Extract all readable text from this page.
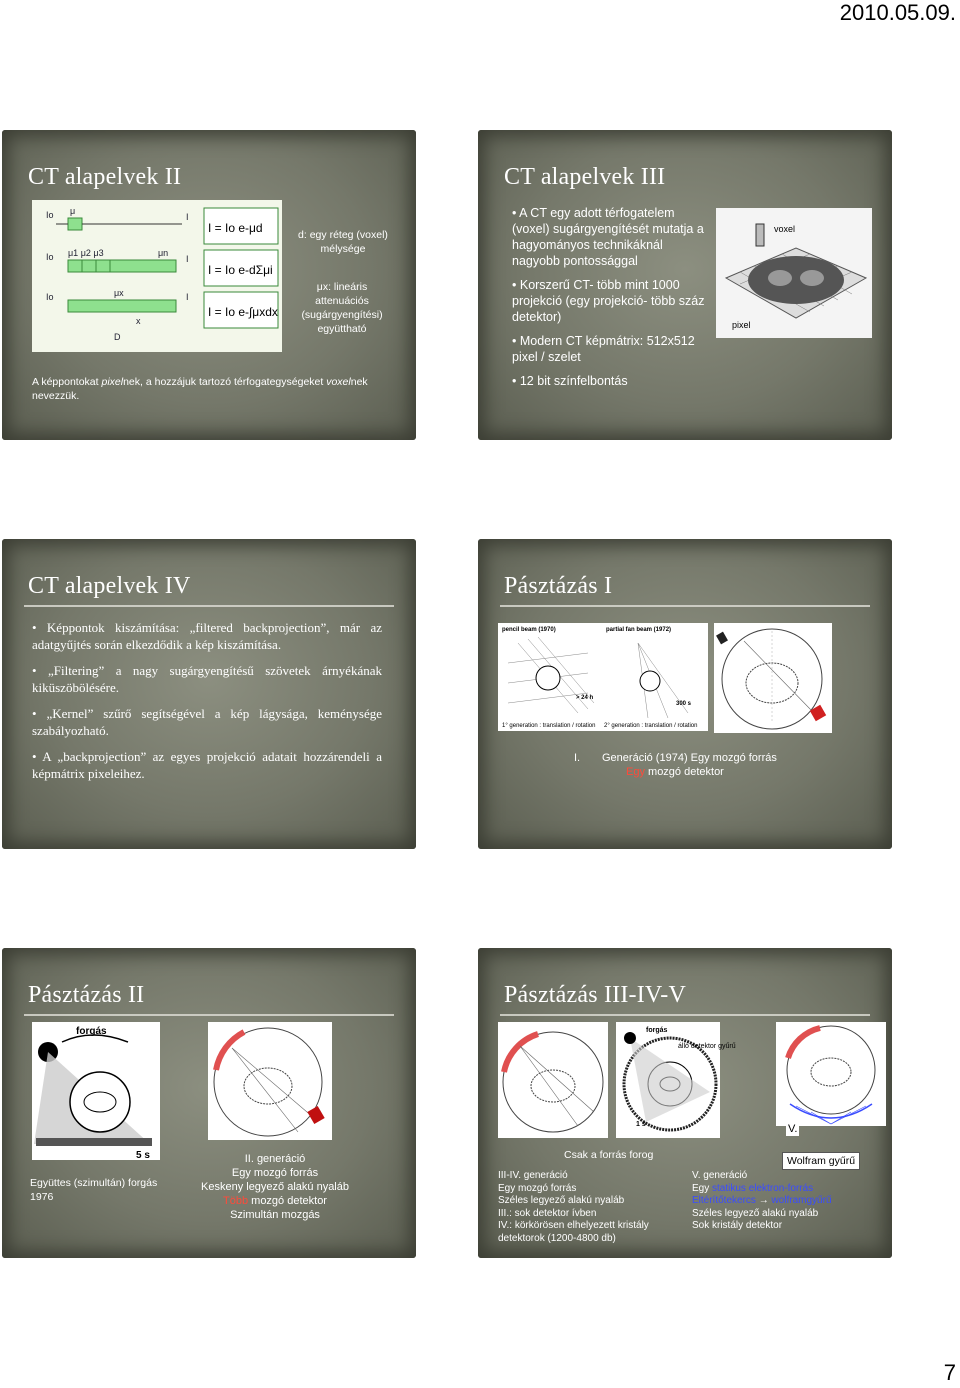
2010.05.09.
CT alapelvek II
Io μ
I
Io μ1 μ2 μ3	μn
I
Io	μx
x
D
I
I = Io e-μd
I = Io e-dΣμi
I = Io e-∫μxdx
d: egy réteg (voxel) mélysége
μx: lineáris attenuációs (sugárgyengítési) együttható
A képpontokat pixelnek, a hozzájuk tartozó térfogategységeket voxelnek nevezzük.
CT alapelvek III
• A CT egy adott térfogatelem (voxel) sugárgyengítését mutatja a hagyományos technikáknál nagyobb pontossággal
• Korszerű CT- több mint 1000 projekció (egy projekció- több száz detektor)
• Modern CT képmátrix: 512x512 pixel / szelet
• 12 bit színfelbontás
voxel
pixel
CT alapelvek IV
• Képpontok kiszámítása: „filtered backprojection”, már az adatgyűjtés során elkezdődik a kép kiszámítása.
• „Filtering” a nagy sugárgyengítésű szövetek árnyékának kiküszöbölésére.
• „Kernel” szűrő segítségével a kép lágysága, keménysége szabályozható.
• A „backprojection” az egyes projekció adatait hozzárendeli a képmátrix pixeleihez.
Pásztázás I
pencil beam (1970)	partial fan beam (1972)
> 24 h
300 s
1° generation : translation / rotation 2° generation : translation / rotation
I. Generáció (1974) Egy mozgó forrás
Egy mozgó detektor
Pásztázás II
forgás
5 s
Együttes (szimultán) forgás 1976
II. generáció
Egy mozgó forrás
Keskeny legyező alakú nyaláb
Több mozgó detektor
Szimultán mozgás
Pásztázás III-IV-V
forgás
álló detektor gyűrű
1 s	V.
Csak a forrás forog	Wolfram gyűrű
III-IV. generáció
Egy mozgó forrás
Széles legyező alakú nyaláb
III.: sok detektor ívben
IV.: körkörösen elhelyezett kristály detektorok (1200-4800 db)
V. generáció
Egy statikus elektron-forrás
Eltérítőtekercs → wolframgyűrű
Széles legyező alakú nyaláb
Sok kristály detektor
7
